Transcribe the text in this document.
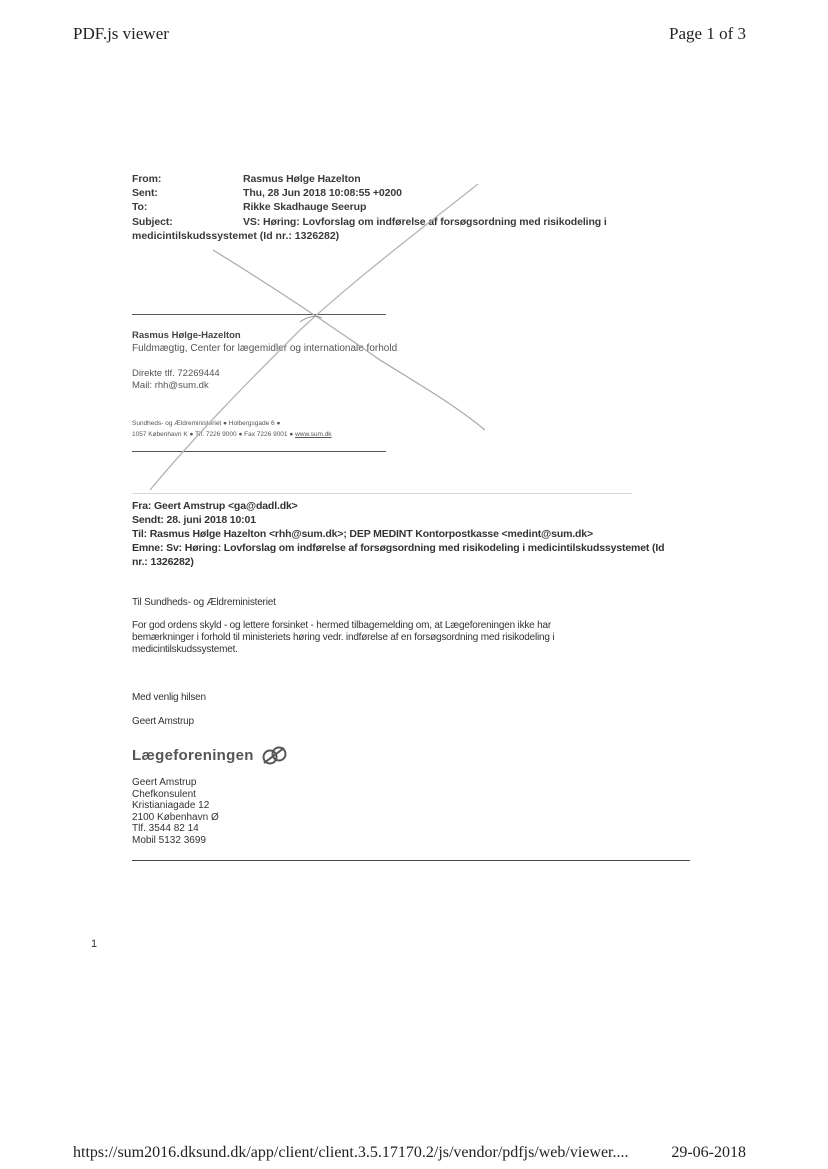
PDF.js viewer	Page 1 of 3
From:	Rasmus Hølge Hazelton
Sent:	Thu, 28 Jun 2018 10:08:55 +0200
To:	Rikke Skadhauge Seerup
Subject:	VS: Høring: Lovforslag om indførelse af forsøgsordning med risikodeling i
medicintilskudssystemet (Id nr.: 1326282)
Rasmus Hølge-Hazelton
Fuldmægtig, Center for lægemidler og internationale forhold
Direkte tlf. 72269444
Mail: rhh@sum.dk
Sundheds- og Ældreministeriet ● Holbergsgade 6 ●
1057 København K ● Tlf. 7226 9000 ● Fax 7226 9001 ● www.sum.dk
Fra: Geert Amstrup <ga@dadl.dk>
Sendt: 28. juni 2018 10:01
Til: Rasmus Hølge Hazelton <rhh@sum.dk>; DEP MEDINT Kontorpostkasse <medint@sum.dk>
Emne: Sv: Høring: Lovforslag om indførelse af forsøgsordning med risikodeling i medicintilskudssystemet (Id
nr.: 1326282)
Til Sundheds- og Ældreministeriet
For god ordens skyld - og lettere forsinket - hermed tilbagemelding om, at Lægeforeningen ikke har
bemærkninger i forhold til ministeriets høring vedr. indførelse af en forsøgsordning med risikodeling i
medicintilskudssystemet.
Med venlig hilsen
Geert Amstrup
Lægeforeningen
Geert Amstrup
Chefkonsulent
Kristianiagade 12
2100 København Ø
Tlf. 3544 82 14
Mobil 5132 3699
1
https://sum2016.dksund.dk/app/client/client.3.5.17170.2/js/vendor/pdfjs/web/viewer....	29-06-2018
